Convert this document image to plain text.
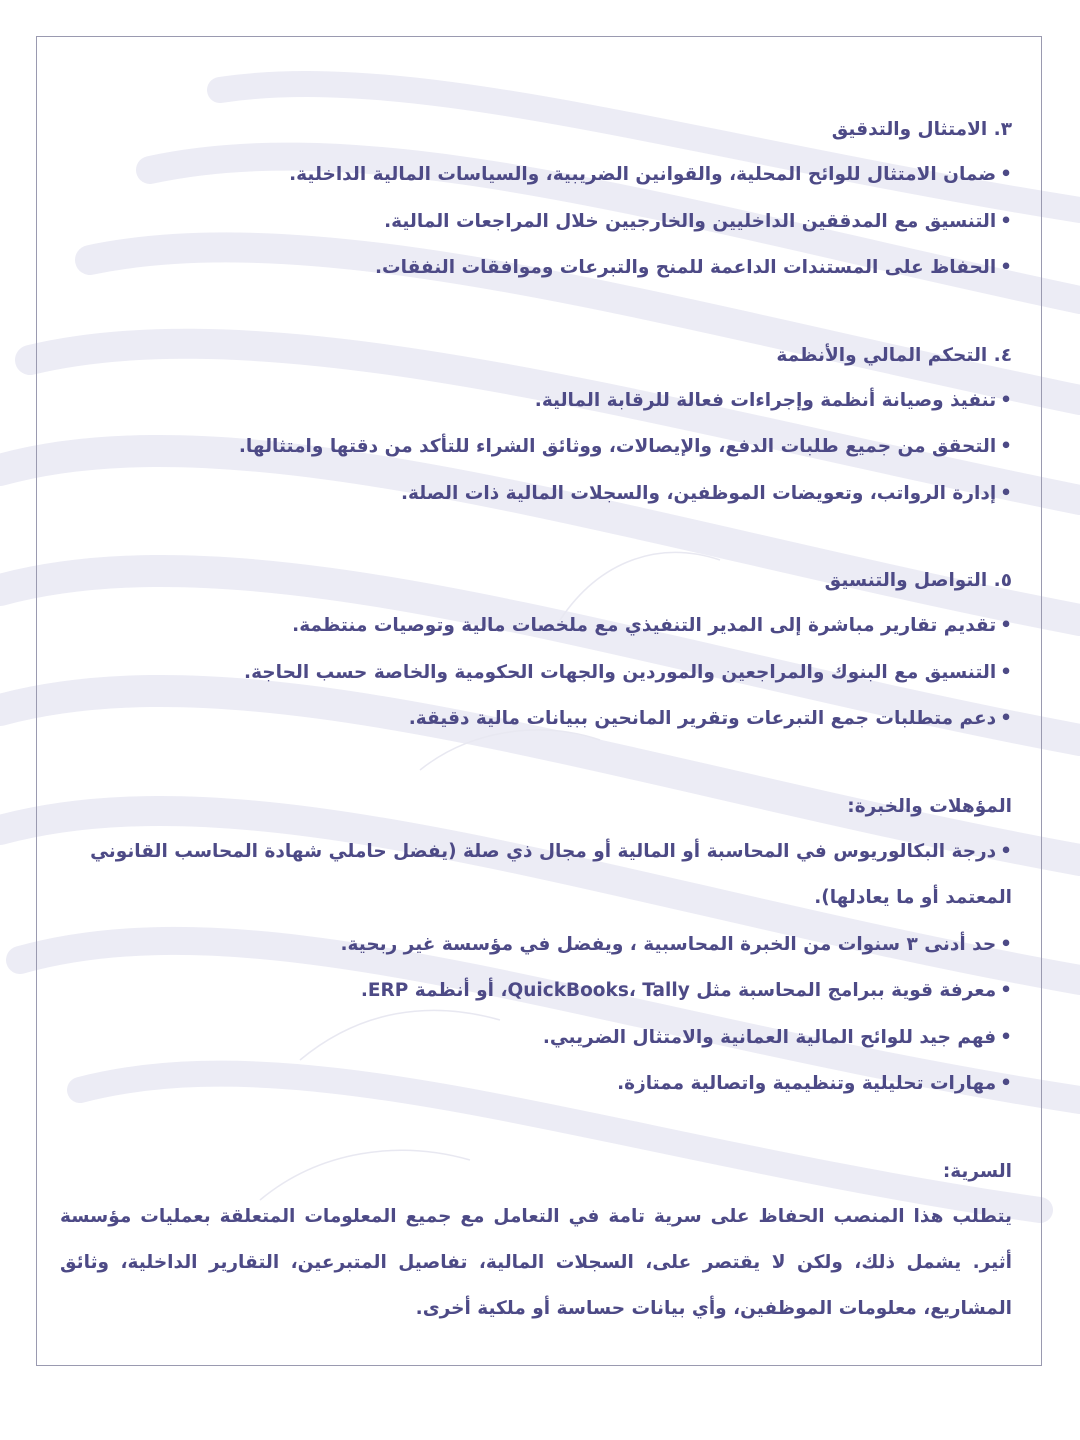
٣. الامتثال والتدقيق
•ضمان الامتثال للوائح المحلية، والقوانين الضريبية، والسياسات المالية الداخلية.
•التنسيق مع المدققين الداخليين والخارجيين خلال المراجعات المالية.
•الحفاظ على المستندات الداعمة للمنح والتبرعات وموافقات النفقات.
٤. التحكم المالي والأنظمة
•تنفيذ وصيانة أنظمة وإجراءات فعالة للرقابة المالية.
•التحقق من جميع طلبات الدفع، والإيصالات، ووثائق الشراء للتأكد من دقتها وامتثالها.
•إدارة الرواتب، وتعويضات الموظفين، والسجلات المالية ذات الصلة.
٥. التواصل والتنسيق
•تقديم تقارير مباشرة إلى المدير التنفيذي مع ملخصات مالية وتوصيات منتظمة.
•التنسيق مع البنوك والمراجعين والموردين والجهات الحكومية والخاصة حسب الحاجة.
•دعم متطلبات جمع التبرعات وتقرير المانحين ببيانات مالية دقيقة.
المؤهلات والخبرة:
•درجة البكالوريوس في المحاسبة أو المالية أو مجال ذي صلة (يفضل حاملي شهادة المحاسب القانوني المعتمد أو ما يعادلها).
•حد أدنى ٣ سنوات من الخبرة المحاسبية ، ويفضل في مؤسسة غير ربحية.
•معرفة قوية ببرامج المحاسبة مثل QuickBooks، Tally، أو أنظمة ERP.
•فهم جيد للوائح المالية العمانية والامتثال الضريبي.
•مهارات تحليلية وتنظيمية واتصالية ممتازة.
السرية:

يتطلب هذا المنصب الحفاظ على سرية تامة في التعامل مع جميع المعلومات المتعلقة بعمليات مؤسسة أثير. يشمل ذلك، ولكن لا يقتصر على، السجلات المالية، تفاصيل المتبرعين، التقارير الداخلية، وثائق المشاريع، معلومات الموظفين، وأي بيانات حساسة أو ملكية أخرى.
